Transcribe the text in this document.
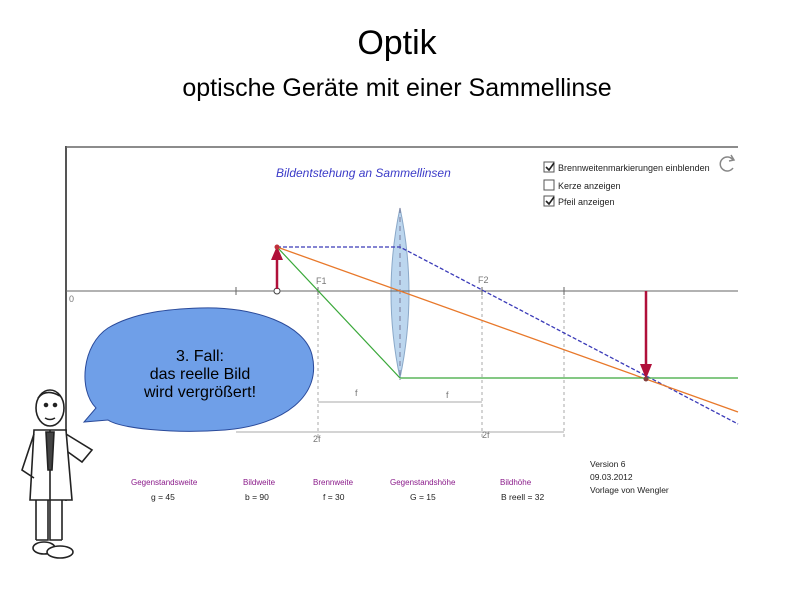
Optik
optische Geräte mit einer Sammellinse
Bildentstehung an Sammellinsen	Brennweitenmarkierungen einblenden
Kerze anzeigen
Pfeil anzeigen
0
F1	F2
f	f
2f	2f
Gegenstandsweite	Bildweite	Brennweite	Gegenstandshöhe	Bildhöhe
g = 45	b = 90	f = 30	G = 15	B reell = 32
Version 6
09.03.2012
Vorlage von Wengler
3. Fall:
das reelle Bild
wird vergrößert!
